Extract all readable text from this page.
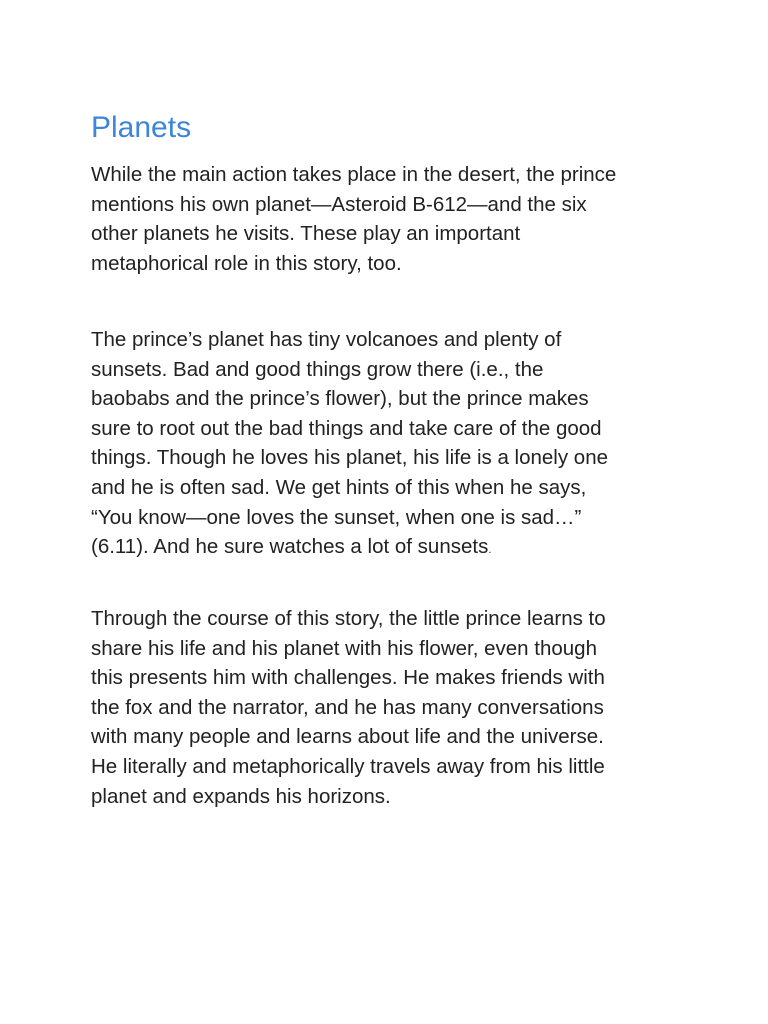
Planets

While the main action takes place in the desert, the prince
mentions his own planet—Asteroid B-612—and the six
other planets he visits. These play an important
metaphorical role in this story, too.

The prince’s planet has tiny volcanoes and plenty of
sunsets. Bad and good things grow there (i.e., the
baobabs and the prince’s flower), but the prince makes
sure to root out the bad things and take care of the good
things. Though he loves his planet, his life is a lonely one
and he is often sad. We get hints of this when he says,
“You know—one loves the sunset, when one is sad…”
(6.11). And he sure watches a lot of sunsets.

Through the course of this story, the little prince learns to
share his life and his planet with his flower, even though
this presents him with challenges. He makes friends with
the fox and the narrator, and he has many conversations
with many people and learns about life and the universe.
He literally and metaphorically travels away from his little
planet and expands his horizons.
